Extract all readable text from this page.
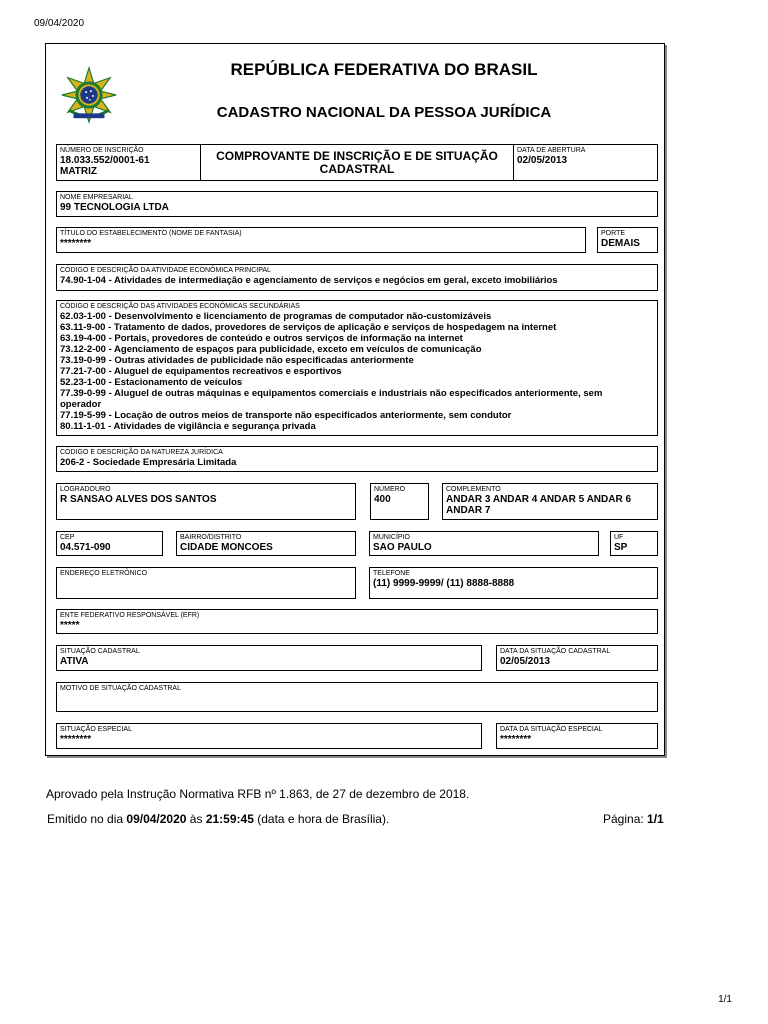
09/04/2020
1/1
REPÚBLICA FEDERATIVA DO BRASIL
CADASTRO NACIONAL DA PESSOA JURÍDICA
NÚMERO DE INSCRIÇÃO
18.033.552/0001-61
MATRIZ
COMPROVANTE DE INSCRIÇÃO E DE SITUAÇÃO CADASTRAL
DATA DE ABERTURA
02/05/2013
NOME EMPRESARIAL
99 TECNOLOGIA LTDA
TÍTULO DO ESTABELECIMENTO (NOME DE FANTASIA)
********
PORTE
DEMAIS
CÓDIGO E DESCRIÇÃO DA ATIVIDADE ECONÔMICA PRINCIPAL
74.90-1-04 - Atividades de intermediação e agenciamento de serviços e negócios em geral, exceto imobiliários
CÓDIGO E DESCRIÇÃO DAS ATIVIDADES ECONÔMICAS SECUNDÁRIAS
62.03-1-00 - Desenvolvimento e licenciamento de programas de computador não-customizáveis
63.11-9-00 - Tratamento de dados, provedores de serviços de aplicação e serviços de hospedagem na internet
63.19-4-00 - Portais, provedores de conteúdo e outros serviços de informação na internet
73.12-2-00 - Agenciamento de espaços para publicidade, exceto em veículos de comunicação
73.19-0-99 - Outras atividades de publicidade não especificadas anteriormente
77.21-7-00 - Aluguel de equipamentos recreativos e esportivos
52.23-1-00 - Estacionamento de veículos
77.39-0-99 - Aluguel de outras máquinas e equipamentos comerciais e industriais não especificados anteriormente, sem
operador
77.19-5-99 - Locação de outros meios de transporte não especificados anteriormente, sem condutor
80.11-1-01 - Atividades de vigilância e segurança privada
CÓDIGO E DESCRIÇÃO DA NATUREZA JURÍDICA
206-2 - Sociedade Empresária Limitada
LOGRADOURO
R SANSAO ALVES DOS SANTOS
NÚMERO
400
COMPLEMENTO
ANDAR 3 ANDAR 4 ANDAR 5 ANDAR 6
ANDAR 7
CEP
04.571-090
BAIRRO/DISTRITO
CIDADE MONCOES
MUNICÍPIO
SAO PAULO
UF
SP
ENDEREÇO ELETRÔNICO	TELEFONE
(11) 9999-9999/ (11) 8888-8888
ENTE FEDERATIVO RESPONSÁVEL (EFR)
*****
SITUAÇÃO CADASTRAL
ATIVA
DATA DA SITUAÇÃO CADASTRAL
02/05/2013
MOTIVO DE SITUAÇÃO CADASTRAL
SITUAÇÃO ESPECIAL
********
DATA DA SITUAÇÃO ESPECIAL
********
Aprovado pela Instrução Normativa RFB nº 1.863, de 27 de dezembro de 2018.
Emitido no dia 09/04/2020 às 21:59:45 (data e hora de Brasília).	Página: 1/1
